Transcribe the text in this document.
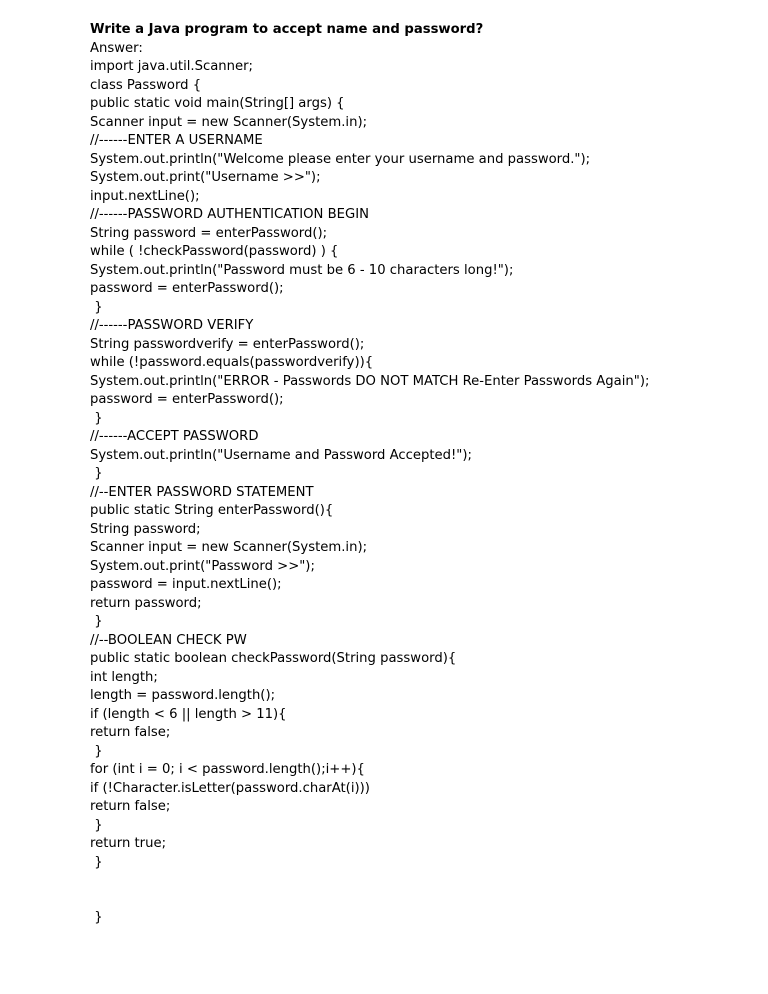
Write a Java program to accept name and password?
Answer:
import java.util.Scanner;
class Password {
public static void main(String[] args) {
Scanner input = new Scanner(System.in);
//------ENTER A USERNAME
System.out.println("Welcome please enter your username and password.");
System.out.print("Username >>");
input.nextLine();
//------PASSWORD AUTHENTICATION BEGIN
String password = enterPassword();
while ( !checkPassword(password) ) {
System.out.println("Password must be 6 - 10 characters long!");
password = enterPassword();
}
//------PASSWORD VERIFY
String passwordverify = enterPassword();
while (!password.equals(passwordverify)){
System.out.println("ERROR - Passwords DO NOT MATCH Re-Enter Passwords Again");
password = enterPassword();
}
//------ACCEPT PASSWORD
System.out.println("Username and Password Accepted!");
}
//--ENTER PASSWORD STATEMENT
public static String enterPassword(){
String password;
Scanner input = new Scanner(System.in);
System.out.print("Password >>");
password = input.nextLine();
return password;
}
//--BOOLEAN CHECK PW
public static boolean checkPassword(String password){
int length;
length = password.length();
if (length < 6 || length > 11){
return false;
}
for (int i = 0; i < password.length();i++){
if (!Character.isLetter(password.charAt(i)))
return false;
}
return true;
}
}
